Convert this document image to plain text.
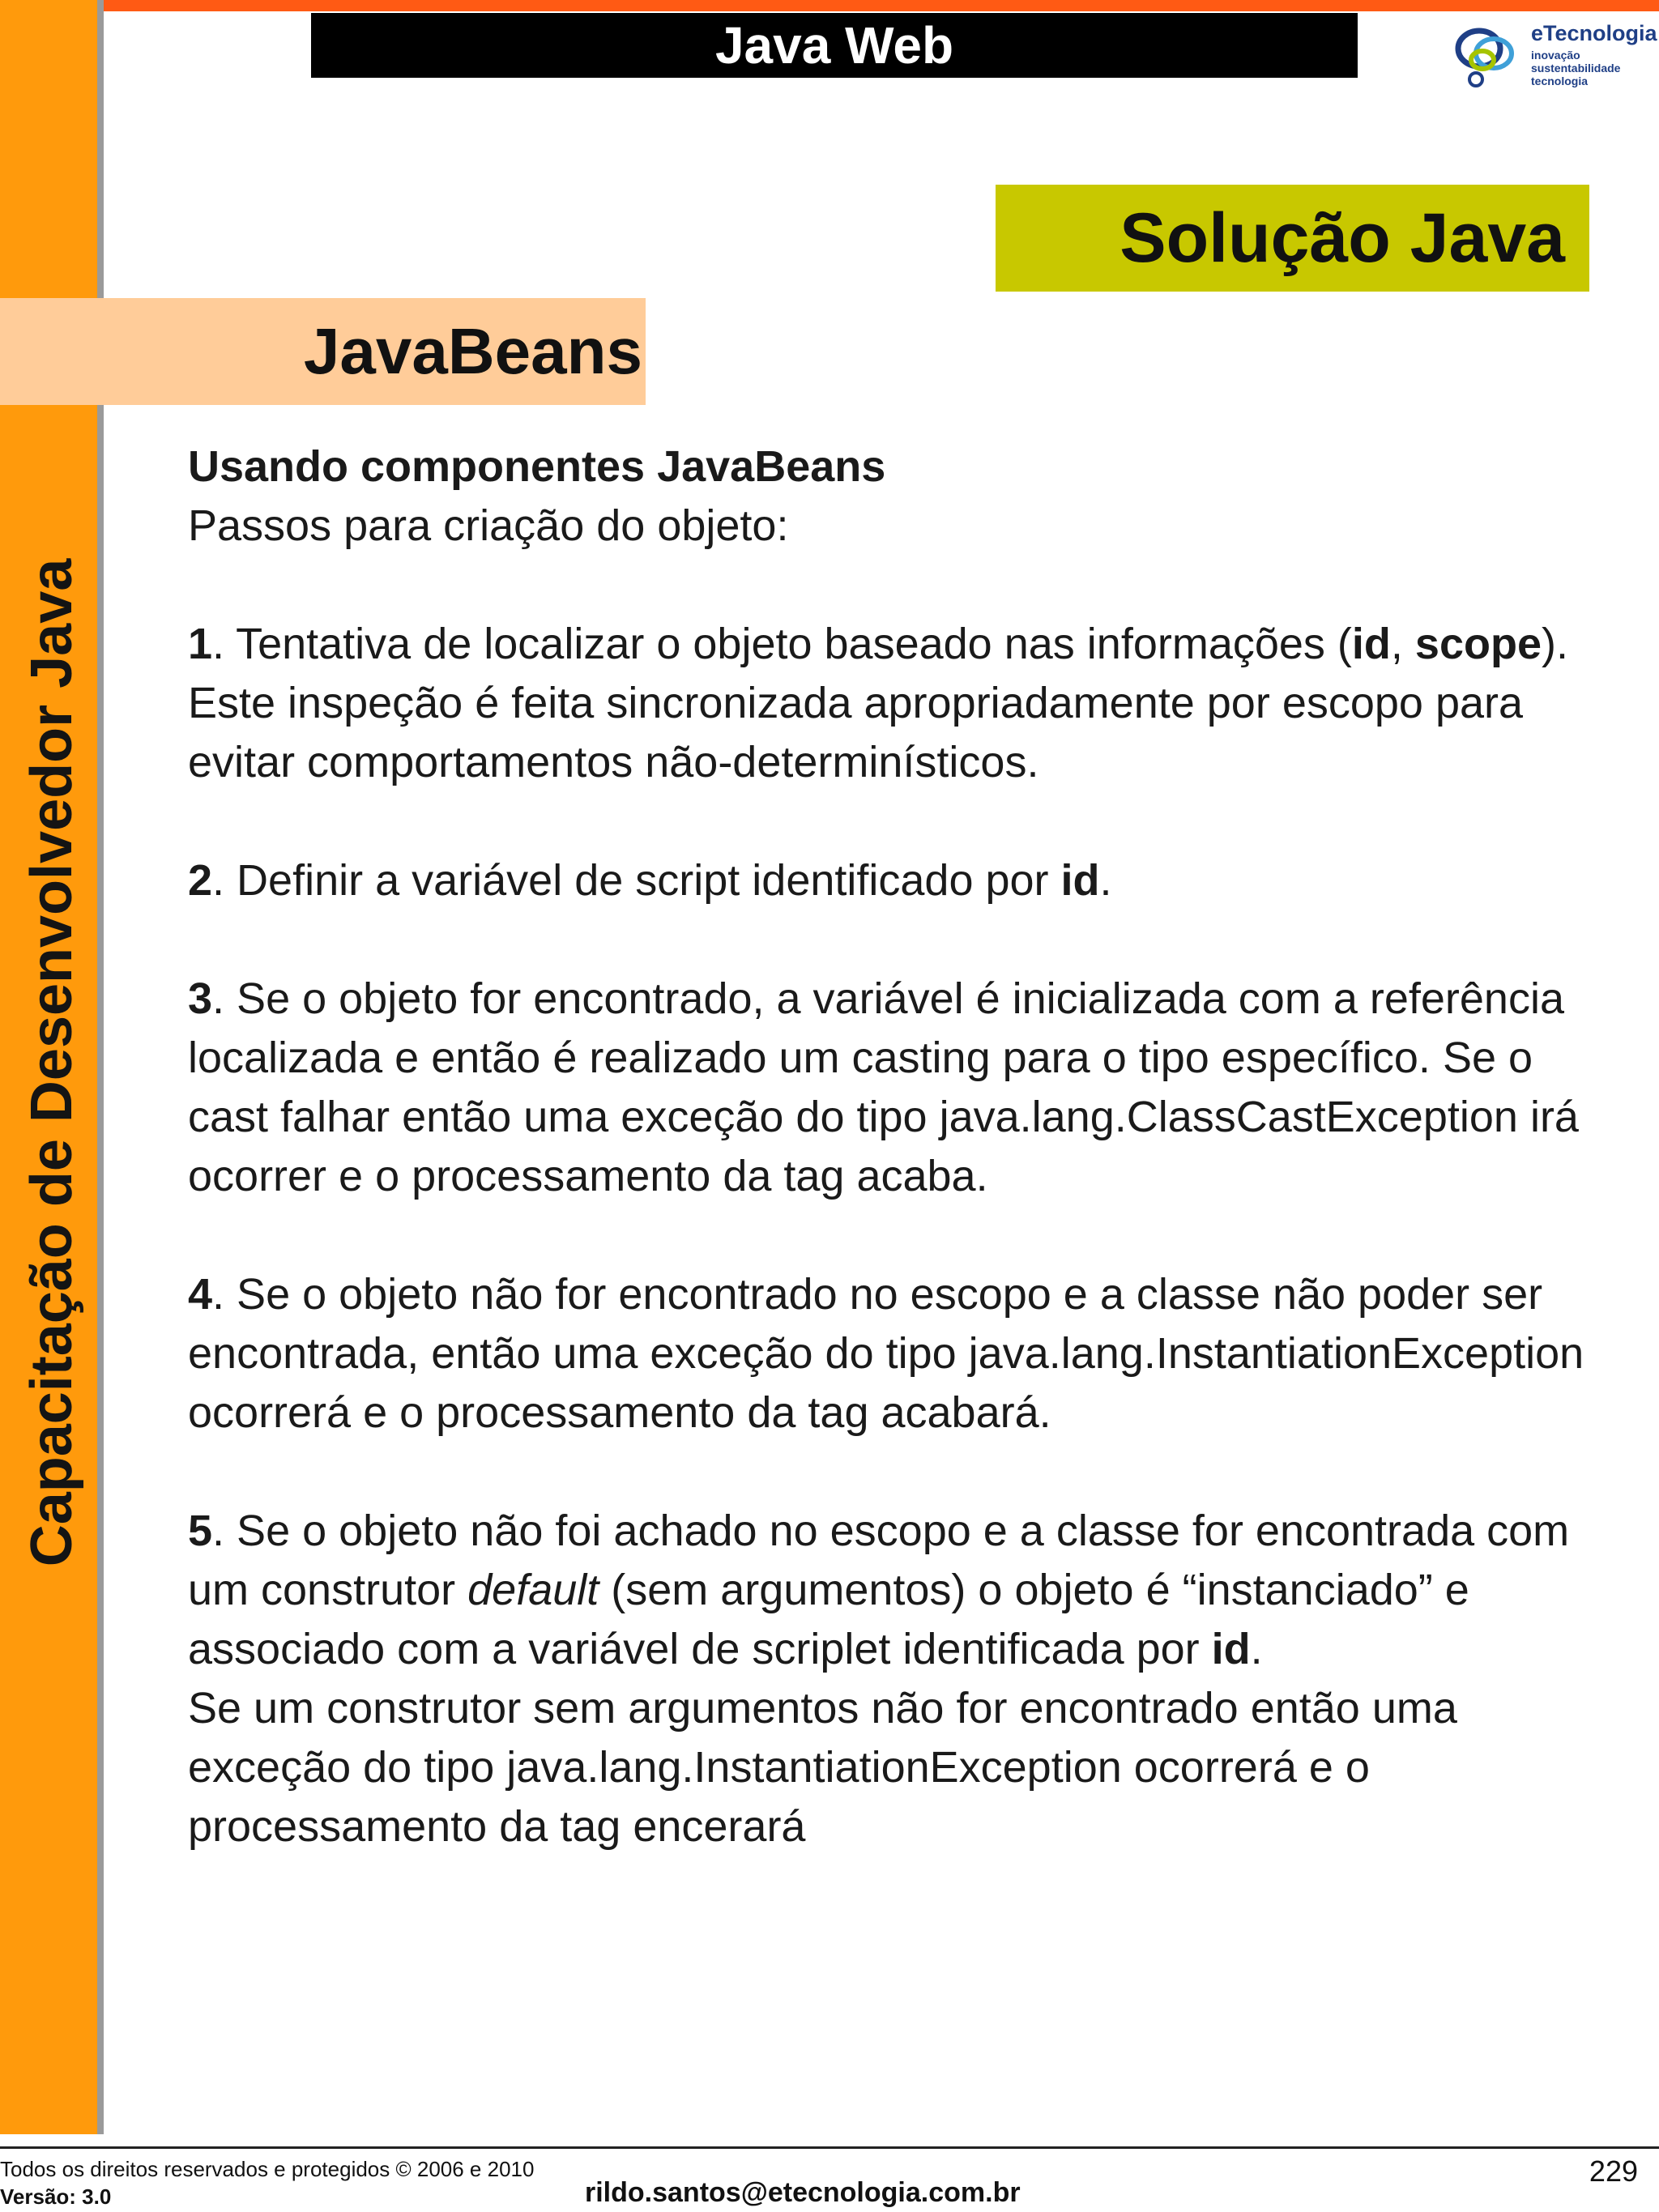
Capacitação de Desenvolvedor Java
Java Web	eTecnologia
inovação
sustentabilidade
tecnologia
Solução Java
JavaBeans

Usando componentes JavaBeans

Passos para criação do objeto:

1. Tentativa de localizar o objeto baseado nas informações (id, scope). Este inspeção é feita sincronizada apropriadamente por escopo para evitar comportamentos não-determinísticos.

2. Definir a variável de script identificado por id.

3. Se o objeto for encontrado, a variável é inicializada com a referência localizada e então é realizado um casting para o tipo específico. Se o cast falhar então uma exceção do tipo java.lang.ClassCastException irá ocorrer e o processamento da tag acaba.

4. Se o objeto não for encontrado no escopo e a classe não poder ser encontrada, então uma exceção do tipo java.lang.InstantiationException ocorrerá e o processamento da tag acabará.

5. Se o objeto não foi achado no escopo e a classe for encontrada com um construtor default (sem argumentos) o objeto é “instanciado” e associado com a variável de scriplet identificada por id.

Se um construtor sem argumentos não for encontrado então uma exceção do tipo java.lang.InstantiationException ocorrerá e o processamento da tag encerará

Todos os direitos reservados e protegidos © 2006 e 2010
Versão: 3.0	rildo.santos@etecnologia.com.br
229
